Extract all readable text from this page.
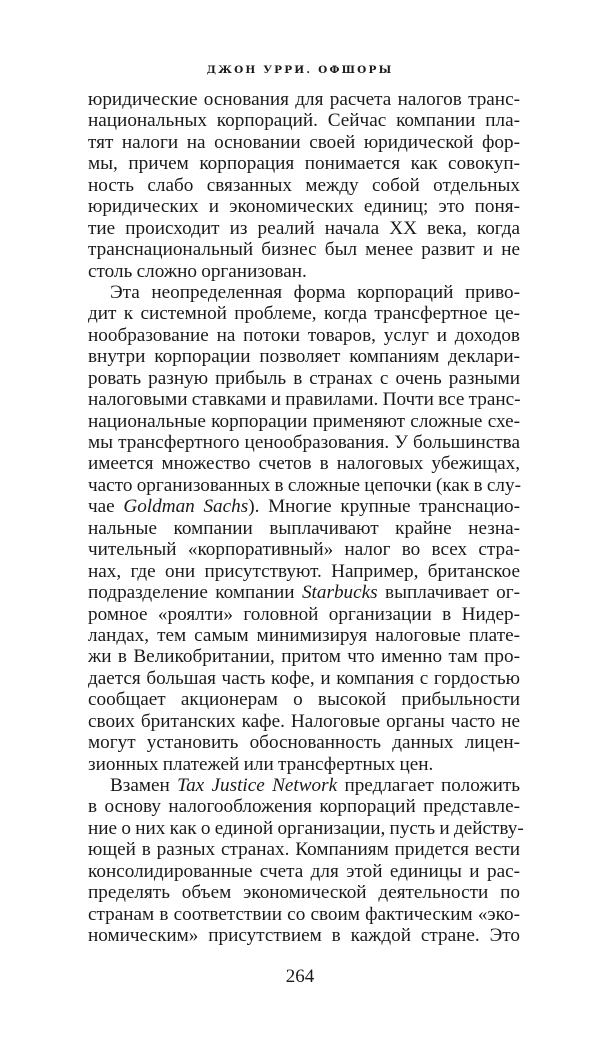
ДЖОН УРРИ. ОФШОРЫ
юридические основания для расчета налогов транс-
национальных корпораций. Сейчас компании пла-
тят налоги на основании своей юридической фор-
мы, причем корпорация понимается как совокуп-
ность слабо связанных между собой отдельных
юридических и экономических единиц; это поня-
тие происходит из реалий начала XX века, когда
транснациональный бизнес был менее развит и не
столь сложно организован.
Эта неопределенная форма корпораций приво-
дит к системной проблеме, когда трансфертное це-
нообразование на потоки товаров, услуг и доходов
внутри корпорации позволяет компаниям деклари-
ровать разную прибыль в странах с очень разными
налоговыми ставками и правилами. Почти все транс-
национальные корпорации применяют сложные схе-
мы трансфертного ценообразования. У большинства
имеется множество счетов в налоговых убежищах,
часто организованных в сложные цепочки (как в слу-
чае Goldman Sachs). Многие крупные транснацио-
нальные компании выплачивают крайне незна-
чительный «корпоративный» налог во всех стра-
нах, где они присутствуют. Например, британское
подразделение компании Starbucks выплачивает ог-
ромное «роялти» головной организации в Нидер-
ландах, тем самым минимизируя налоговые плате-
жи в Великобритании, притом что именно там про-
дается большая часть кофе, и компания с гордостью
сообщает акционерам о высокой прибыльности
своих британских кафе. Налоговые органы часто не
могут установить обоснованность данных лицен-
зионных платежей или трансфертных цен.
Взамен Tax Justice Network предлагает положить
в основу налогообложения корпораций представле-
ние о них как о единой организации, пусть и действу-
ющей в разных странах. Компаниям придется вести
консолидированные счета для этой единицы и рас-
пределять объем экономической деятельности по
странам в соответствии со своим фактическим «эко-
номическим» присутствием в каждой стране. Это
264
